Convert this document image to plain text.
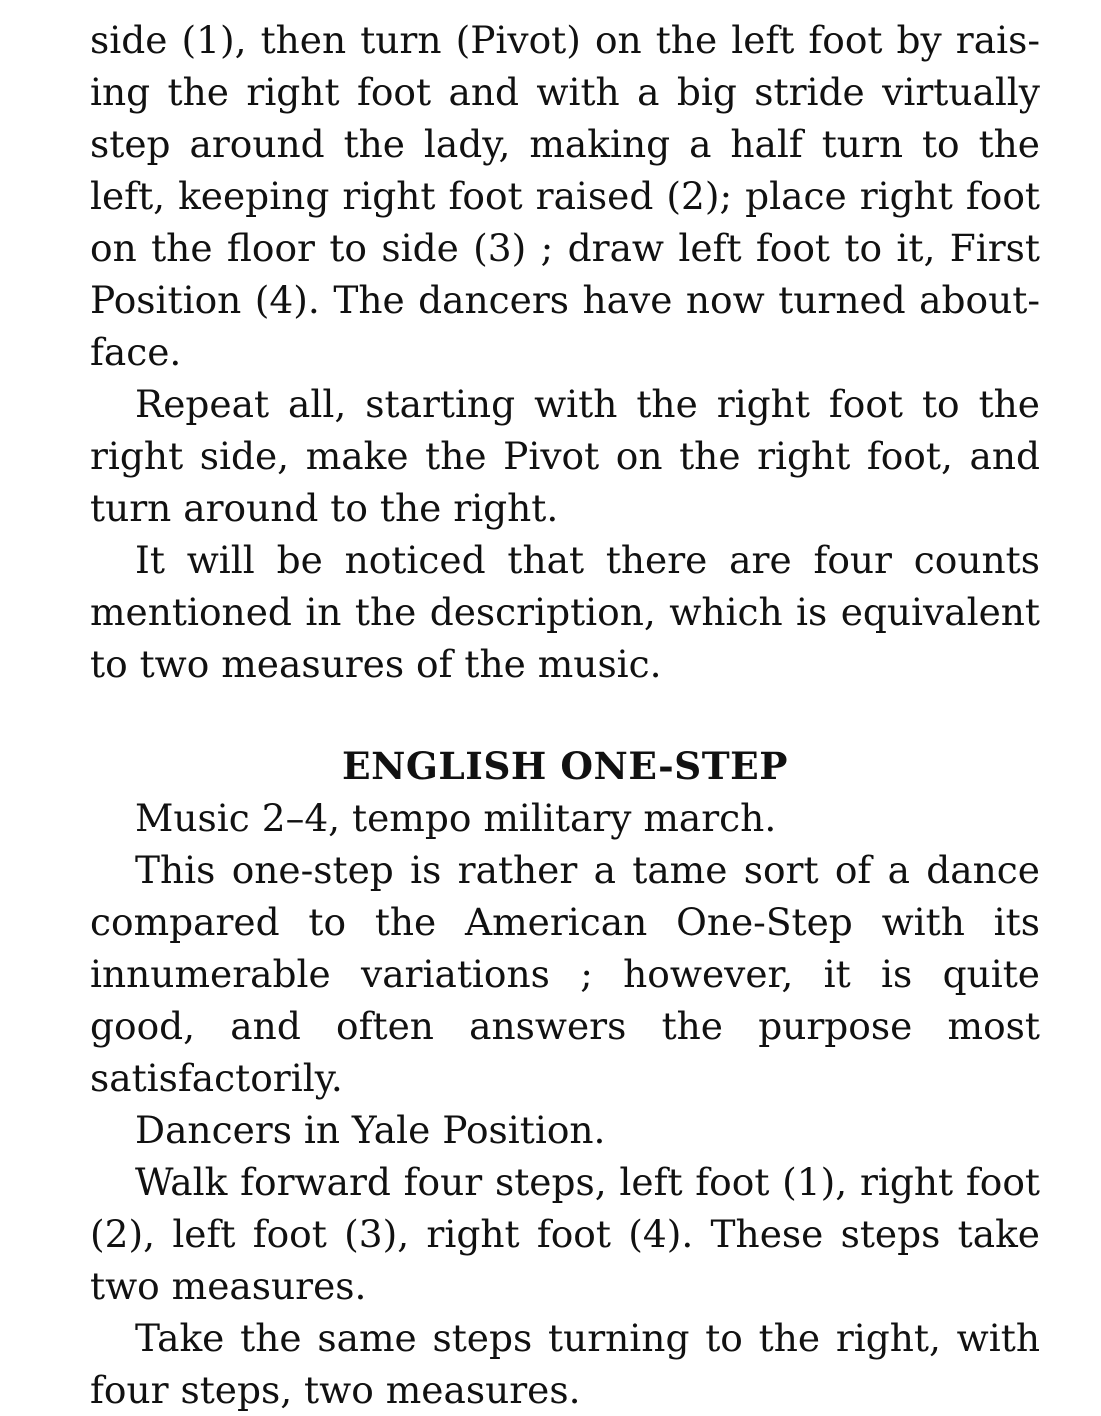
side (1), then turn (Pivot) on the left foot by raising the right foot and with a big stride virtually step around the lady, making a half turn to the left, keeping right foot raised (2); place right foot on the floor to side (3) ; draw left foot to it, First Position (4). The dancers have now turned aboutface.

Repeat all, starting with the right foot to the right side, make the Pivot on the right foot, and turn around to the right.

It will be noticed that there are four counts mentioned in the description, which is equivalent to two measures of the music.

ENGLISH ONE-STEP

Music 2–4, tempo military march.

This one-step is rather a tame sort of a dance compared to the American One-Step with its innumerable variations ; however, it is quite good, and often answers the purpose most satisfactorily.

Dancers in Yale Position.

Walk forward four steps, left foot (1), right foot (2), left foot (3), right foot (4). These steps take two measures.

Take the same steps turning to the right, with four steps, two measures.
